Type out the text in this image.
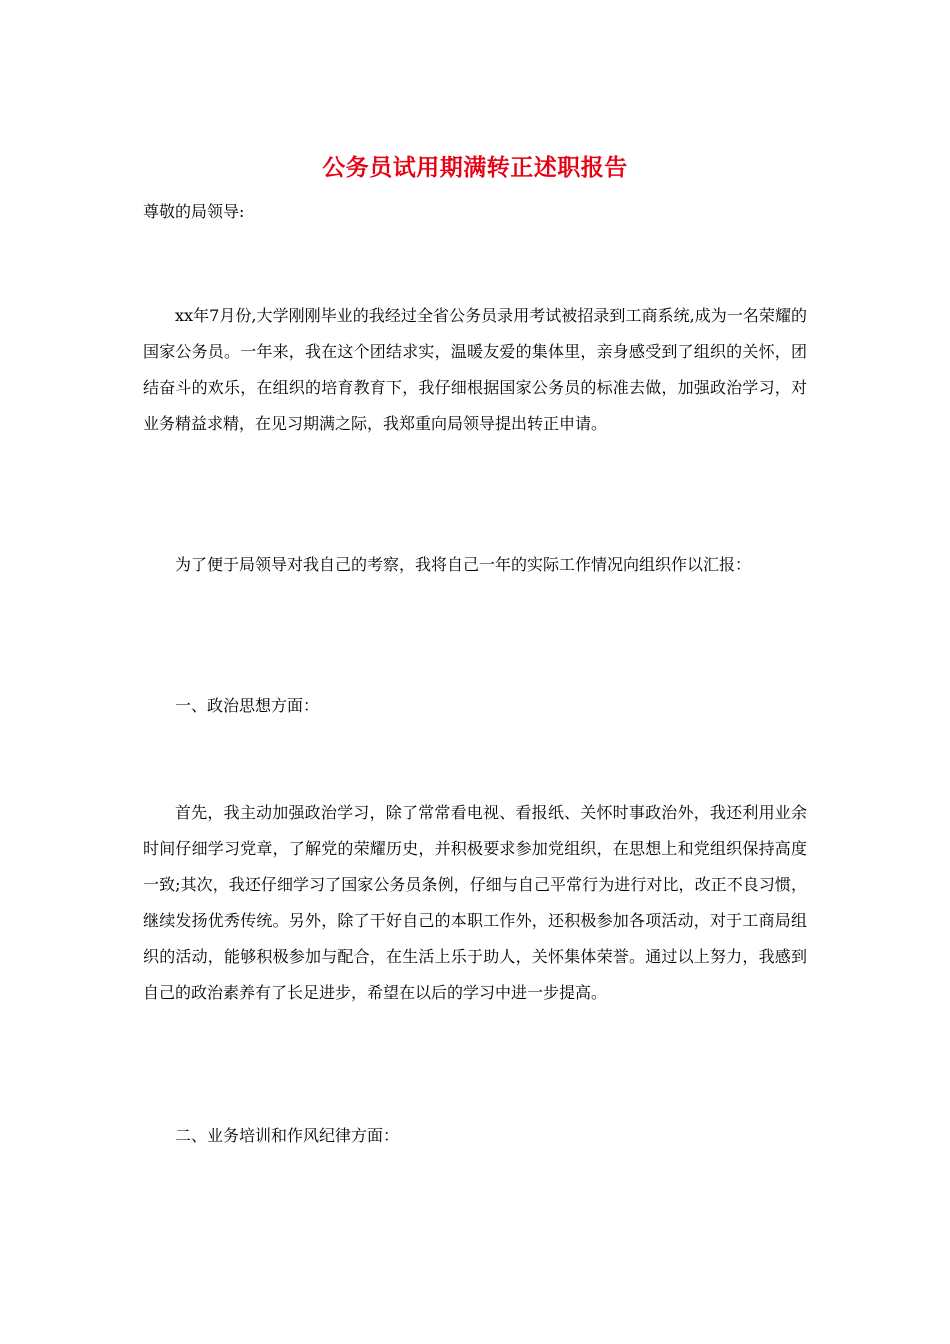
公务员试用期满转正述职报告

尊敬的局领导:

xx年7月份,大学刚刚毕业的我经过全省公务员录用考试被招录到工商系统,成为一名荣耀的国家公务员。一年来，我在这个团结求实，温暖友爱的集体里，亲身感受到了组织的关怀，团结奋斗的欢乐，在组织的培育教育下，我仔细根据国家公务员的标准去做，加强政治学习，对业务精益求精，在见习期满之际，我郑重向局领导提出转正申请。

为了便于局领导对我自己的考察，我将自己一年的实际工作情况向组织作以汇报：

一、政治思想方面：

首先，我主动加强政治学习，除了常常看电视、看报纸、关怀时事政治外，我还利用业余时间仔细学习党章，了解党的荣耀历史，并积极要求参加党组织，在思想上和党组织保持高度一致;其次，我还仔细学习了国家公务员条例，仔细与自己平常行为进行对比，改正不良习惯，继续发扬优秀传统。另外，除了干好自己的本职工作外，还积极参加各项活动，对于工商局组织的活动，能够积极参加与配合，在生活上乐于助人，关怀集体荣誉。通过以上努力，我感到自己的政治素养有了长足进步，希望在以后的学习中进一步提高。

二、业务培训和作风纪律方面：
